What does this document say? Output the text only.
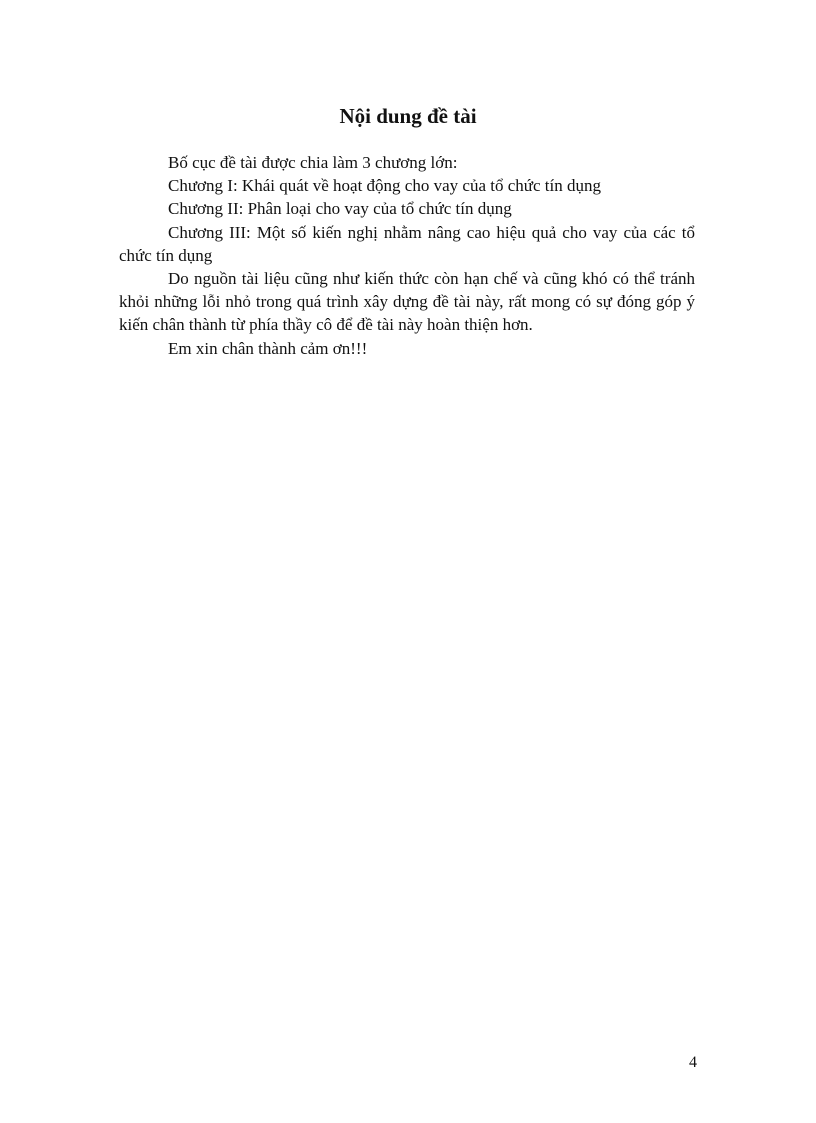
Nội dung đề tài

Bố cục đề tài được chia làm 3 chương lớn:

Chương I: Khái quát về hoạt động cho vay của tổ chức tín dụng

Chương II: Phân loại cho vay của tổ chức tín dụng

Chương III: Một số kiến nghị nhằm nâng cao hiệu quả cho vay của các tổ chức tín dụng

Do nguồn tài liệu cũng như kiến thức còn hạn chế và cũng khó có thể tránh khỏi những lỗi nhỏ trong quá trình xây dựng đề tài này, rất mong có sự đóng góp ý kiến chân thành từ phía thầy cô để đề tài này hoàn thiện hơn.

Em xin chân thành cảm ơn!!!

4
